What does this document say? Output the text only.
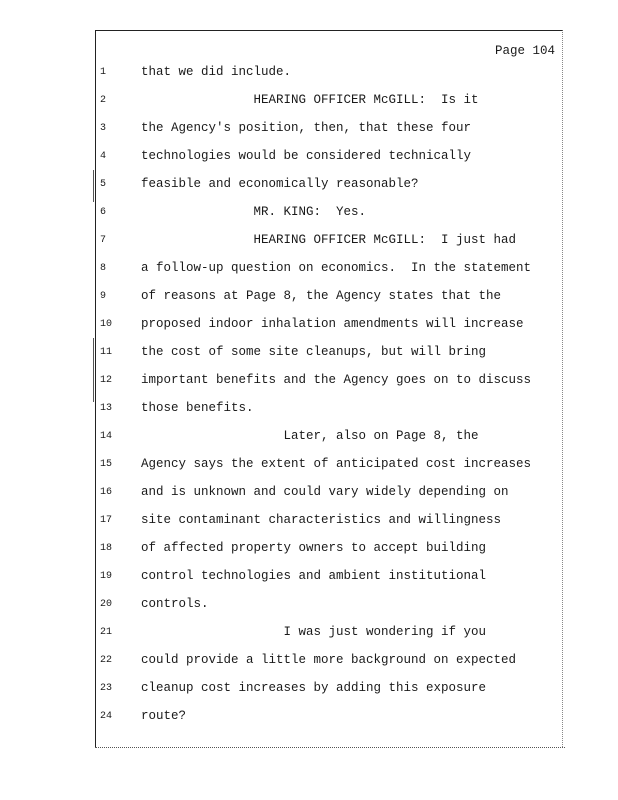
Page 104
1	that we did include.
2	HEARING OFFICER McGILL:  Is it
3	the Agency's position, then, that these four
4	technologies would be considered technically
5	feasible and economically reasonable?
6	MR. KING:  Yes.
7	HEARING OFFICER McGILL:  I just had
8	a follow-up question on economics.  In the statement
9	of reasons at Page 8, the Agency states that the
10	proposed indoor inhalation amendments will increase
11	the cost of some site cleanups, but will bring
12	important benefits and the Agency goes on to discuss
13	those benefits.
14	Later, also on Page 8, the
15	Agency says the extent of anticipated cost increases
16	and is unknown and could vary widely depending on
17	site contaminant characteristics and willingness
18	of affected property owners to accept building
19	control technologies and ambient institutional
20	controls.
21	I was just wondering if you
22	could provide a little more background on expected
23	cleanup cost increases by adding this exposure
24	route?
